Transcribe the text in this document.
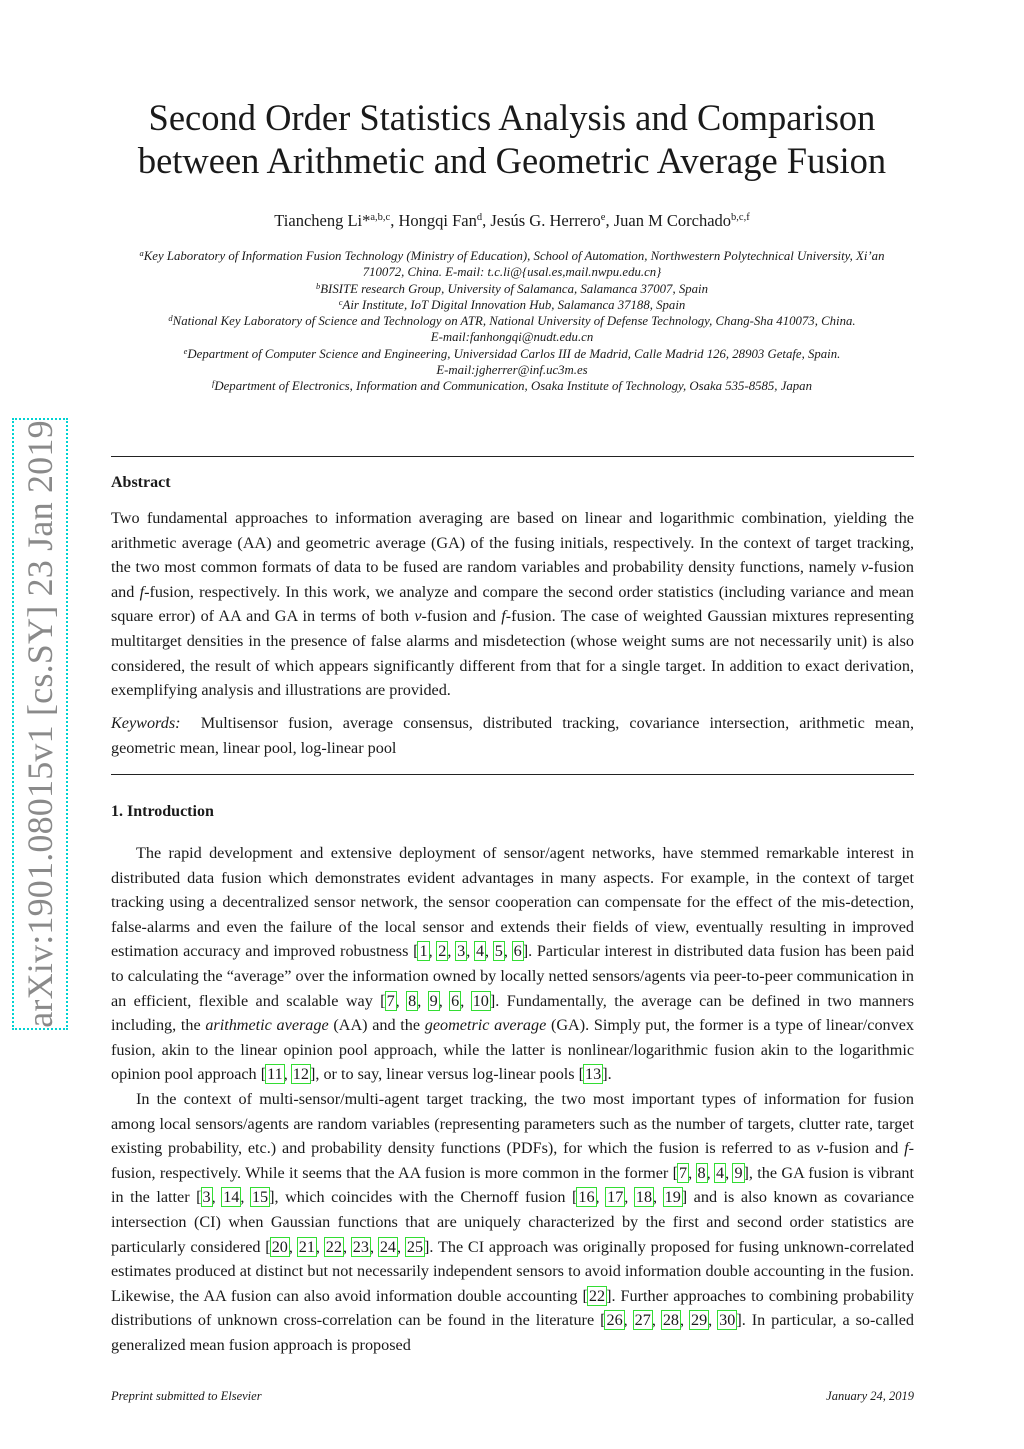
Second Order Statistics Analysis and Comparison
between Arithmetic and Geometric Average Fusion
Tiancheng Li*$^{a,b,c}$, Hongqi Fan$^d$, Jesús G. Herrero$^e$, Juan M Corchado$^{b,c,f}$
$^a$Key Laboratory of Information Fusion Technology (Ministry of Education), School of Automation, Northwestern Polytechnical University, Xi’an
710072, China. E-mail: t.c.li@{usal.es,mail.nwpu.edu.cn}
$^b$BISITE research Group, University of Salamanca, Salamanca 37007, Spain
$^c$Air Institute, IoT Digital Innovation Hub, Salamanca 37188, Spain
$^d$National Key Laboratory of Science and Technology on ATR, National University of Defense Technology, Chang-Sha 410073, China.
E-mail:fanhongqi@nudt.edu.cn
$^e$Department of Computer Science and Engineering, Universidad Carlos III de Madrid, Calle Madrid 126, 28903 Getafe, Spain.
E-mail:jgherrer@inf.uc3m.es
$^f$Department of Electronics, Information and Communication, Osaka Institute of Technology, Osaka 535-8585, Japan
arXiv:1901.08015v1 [cs.SY] 23 Jan 2019	Abstract
Two fundamental approaches to information averaging are based on linear and logarithmic combination, yielding the arithmetic average (AA) and geometric average (GA) of the fusing initials, respectively. In the context of target tracking, the two most common formats of data to be fused are random variables and probability density functions, namely v-fusion and f-fusion, respectively. In this work, we analyze and compare the second order statistics (including variance and mean square error) of AA and GA in terms of both v-fusion and f-fusion. The case of weighted Gaussian mixtures representing multitarget densities in the presence of false alarms and misdetection (whose weight sums are not necessarily unit) is also considered, the result of which appears significantly different from that for a single target. In addition to exact derivation, exemplifying analysis and illustrations are provided.
Keywords: Multisensor fusion, average consensus, distributed tracking, covariance intersection, arithmetic mean, geometric mean, linear pool, log-linear pool
1. Introduction
The rapid development and extensive deployment of sensor/agent networks, have stemmed remarkable interest in distributed data fusion which demonstrates evident advantages in many aspects. For example, in the context of target tracking using a decentralized sensor network, the sensor cooperation can compensate for the effect of the mis-detection, false-alarms and even the failure of the local sensor and extends their fields of view, eventually resulting in improved estimation accuracy and improved robustness [1, 2, 3, 4, 5, 6]. Particular interest in distributed data fusion has been paid to calculating the “average” over the information owned by locally netted sensors/agents via peer-to-peer communication in an efficient, flexible and scalable way [7, 8, 9, 6, 10]. Fundamentally, the average can be defined in two manners including, the arithmetic average (AA) and the geometric average (GA). Simply put, the former is a type of linear/convex fusion, akin to the linear opinion pool approach, while the latter is nonlinear/logarithmic fusion akin to the logarithmic opinion pool approach [11, 12], or to say, linear versus log-linear pools [13].
In the context of multi-sensor/multi-agent target tracking, the two most important types of information for fusion among local sensors/agents are random variables (representing parameters such as the number of targets, clutter rate, target existing probability, etc.) and probability density functions (PDFs), for which the fusion is referred to as v-fusion and f-fusion, respectively. While it seems that the AA fusion is more common in the former [7, 8, 4, 9], the GA fusion is vibrant in the latter [3, 14, 15], which coincides with the Chernoff fusion [16, 17, 18, 19] and is also known as covariance intersection (CI) when Gaussian functions that are uniquely characterized by the first and second order statistics are particularly considered [20, 21, 22, 23, 24, 25]. The CI approach was originally proposed for fusing unknown-correlated estimates produced at distinct but not necessarily independent sensors to avoid information double accounting in the fusion. Likewise, the AA fusion can also avoid information double accounting [22]. Further approaches to combining probability distributions of unknown cross-correlation can be found in the literature [26, 27, 28, 29, 30]. In particular, a so-called generalized mean fusion approach is proposed
Preprint submitted to Elsevier	January 24, 2019
